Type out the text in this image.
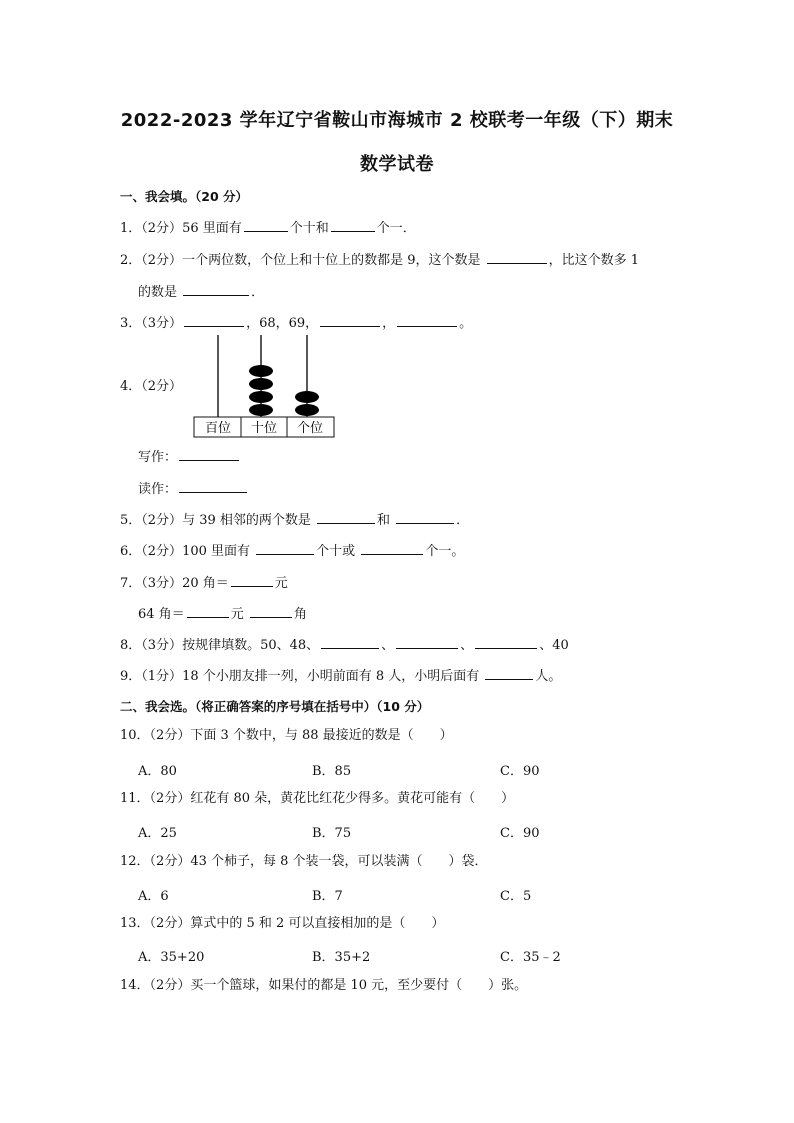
2022-2023 学年辽宁省鞍山市海城市 2 校联考一年级（下）期末
数学试卷
一、我会填。（20 分）
1．（2分）56 里面有	个十和	个一．
2．（2分）一个两位数，个位上和十位上的数都是 9，这个数是	，比这个数多 1
的数是	．
3．（3分）	，68，69，	，	。
4．（2分）
百位 十位 个位
写作：
读作：
5．（2分）与 39 相邻的两个数是	和	．
6．（2分）100 里面有	个十或	个一。
7．（3分）20 角＝	元
64 角＝	元	角
8．（3分）按规律填数。50、48、	、	、	、40
9．（1分）18 个小朋友排一列，小明前面有 8 人，小明后面有	人。
二、我会选。（将正确答案的序号填在括号中）（10 分）
10．（2分）下面 3 个数中，与 88 最接近的数是（　　）
A．80	B．85	C．90
11．（2分）红花有 80 朵，黄花比红花少得多。黄花可能有（　　）
A．25	B．75	C．90
12．（2分）43 个柿子，每 8 个装一袋，可以装满（　　）袋．
A．6	B．7	C．5
13．（2分）算式中的 5 和 2 可以直接相加的是（　　）
A．35+20	B．35+2	C．35﹣2
14．（2分）买一个篮球，如果付的都是 10 元，至少要付（　　）张。
